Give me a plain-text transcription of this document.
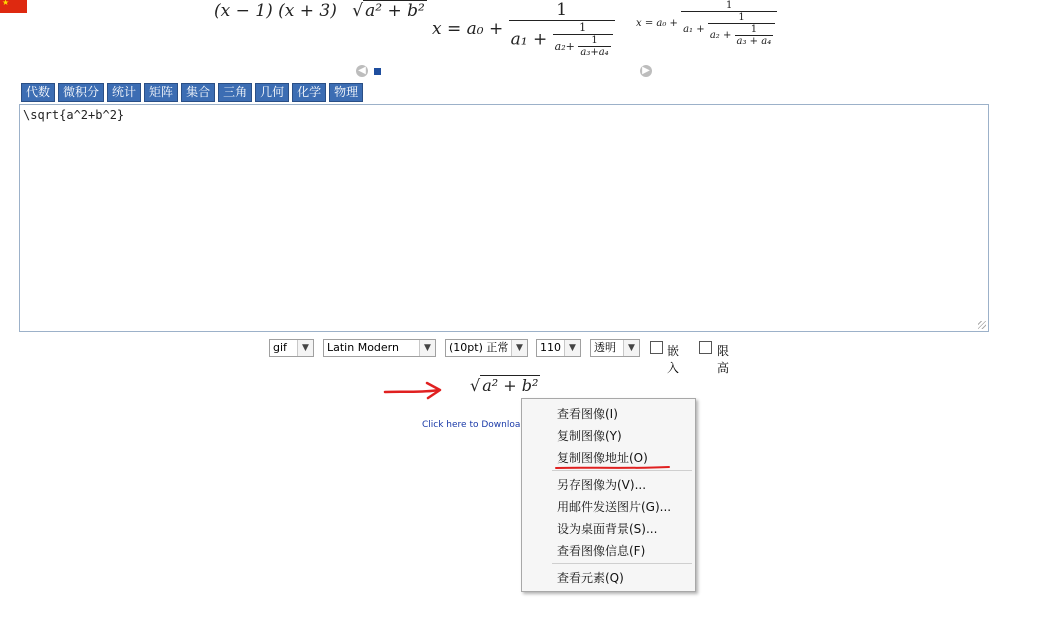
★	(x − 1) (x + 3) √ a² + b²
x = a₀ +
1
$a_1 + \frac{1}{a_2+ \frac{1}{\text{a₃+a₄}}}$ x = a₀ +
1
$a_1 + \frac{1}{a_2 + \frac{1}{\text{a₃ + a₄}}}$
◀	▶
代数	微积分	统计	矩阵	集合	三角	几何	化学	物理
\sqrt{a^2+b^2}
gif	▼	Latin Modern	▼	(10pt) 正常 ▼	110 ▼	透明	▼	嵌入
限高
√ a² + b²
Click here to Downloa
查看图像(I)
复制图像(Y)
复制图像地址(O)
另存图像为(V)...
用邮件发送图片(G)...
设为桌面背景(S)...
查看图像信息(F)
查看元素(Q)
